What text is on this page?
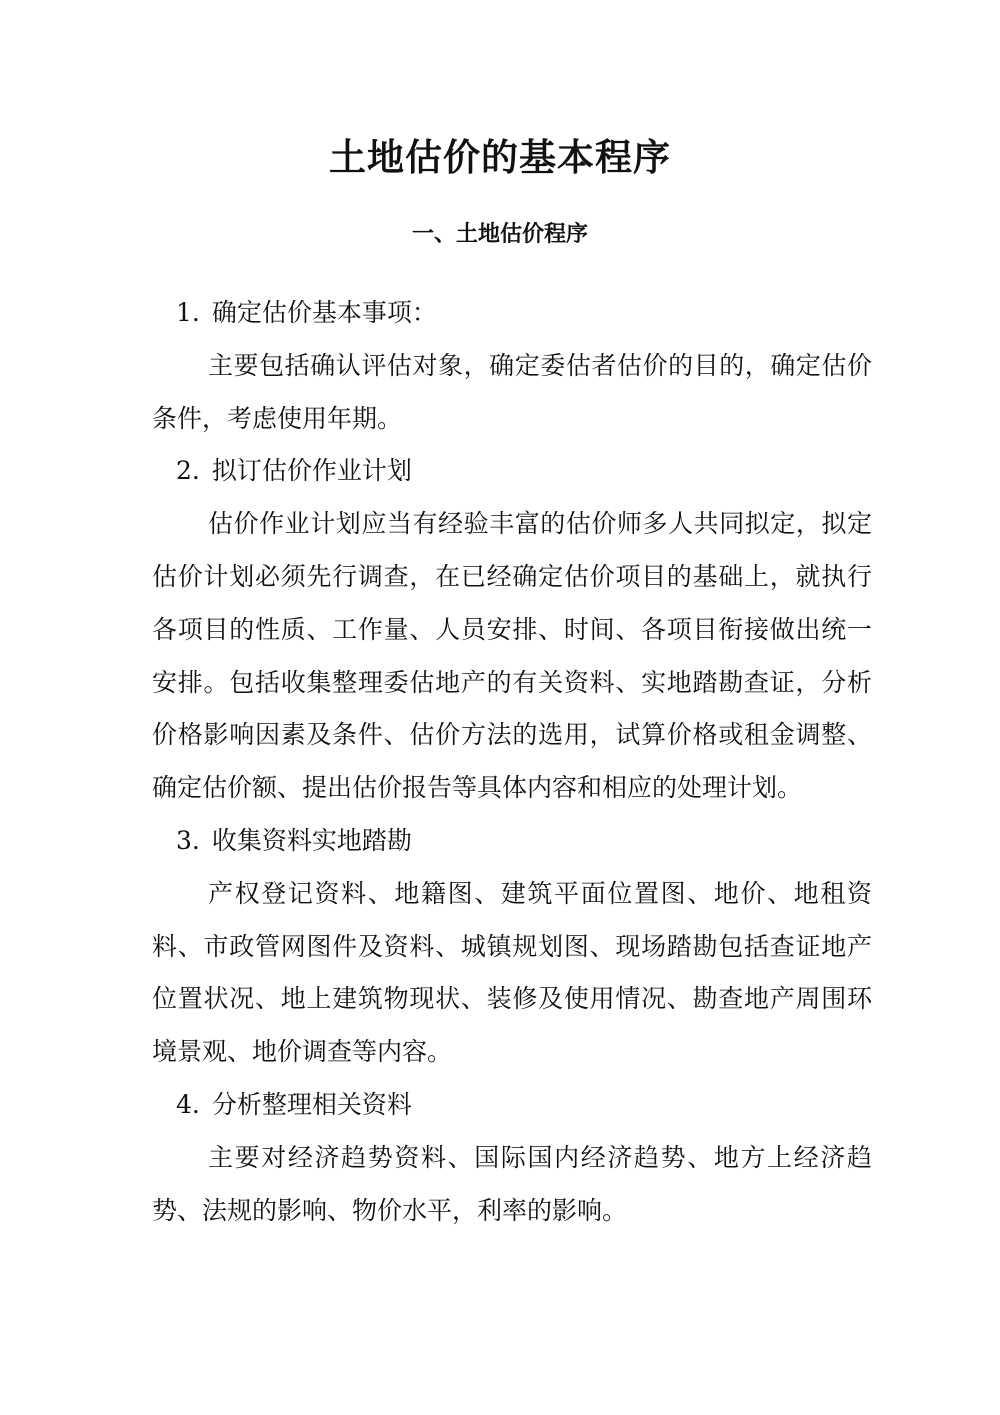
土地估价的基本程序
一、土地估价程序

1. 确定估价基本事项：

主要包括确认评估对象，确定委估者估价的目的，确定估价条件，考虑使用年期。

2. 拟订估价作业计划

估价作业计划应当有经验丰富的估价师多人共同拟定，拟定估价计划必须先行调查，在已经确定估价项目的基础上，就执行各项目的性质、工作量、人员安排、时间、各项目衔接做出统一安排。包括收集整理委估地产的有关资料、实地踏勘查证，分析价格影响因素及条件、估价方法的选用，试算价格或租金调整、确定估价额、提出估价报告等具体内容和相应的处理计划。

3. 收集资料实地踏勘

产权登记资料、地籍图、建筑平面位置图、地价、地租资料、市政管网图件及资料、城镇规划图、现场踏勘包括查证地产位置状况、地上建筑物现状、装修及使用情况、勘查地产周围环境景观、地价调查等内容。

4. 分析整理相关资料

主要对经济趋势资料、国际国内经济趋势、地方上经济趋势、法规的影响、物价水平，利率的影响。
